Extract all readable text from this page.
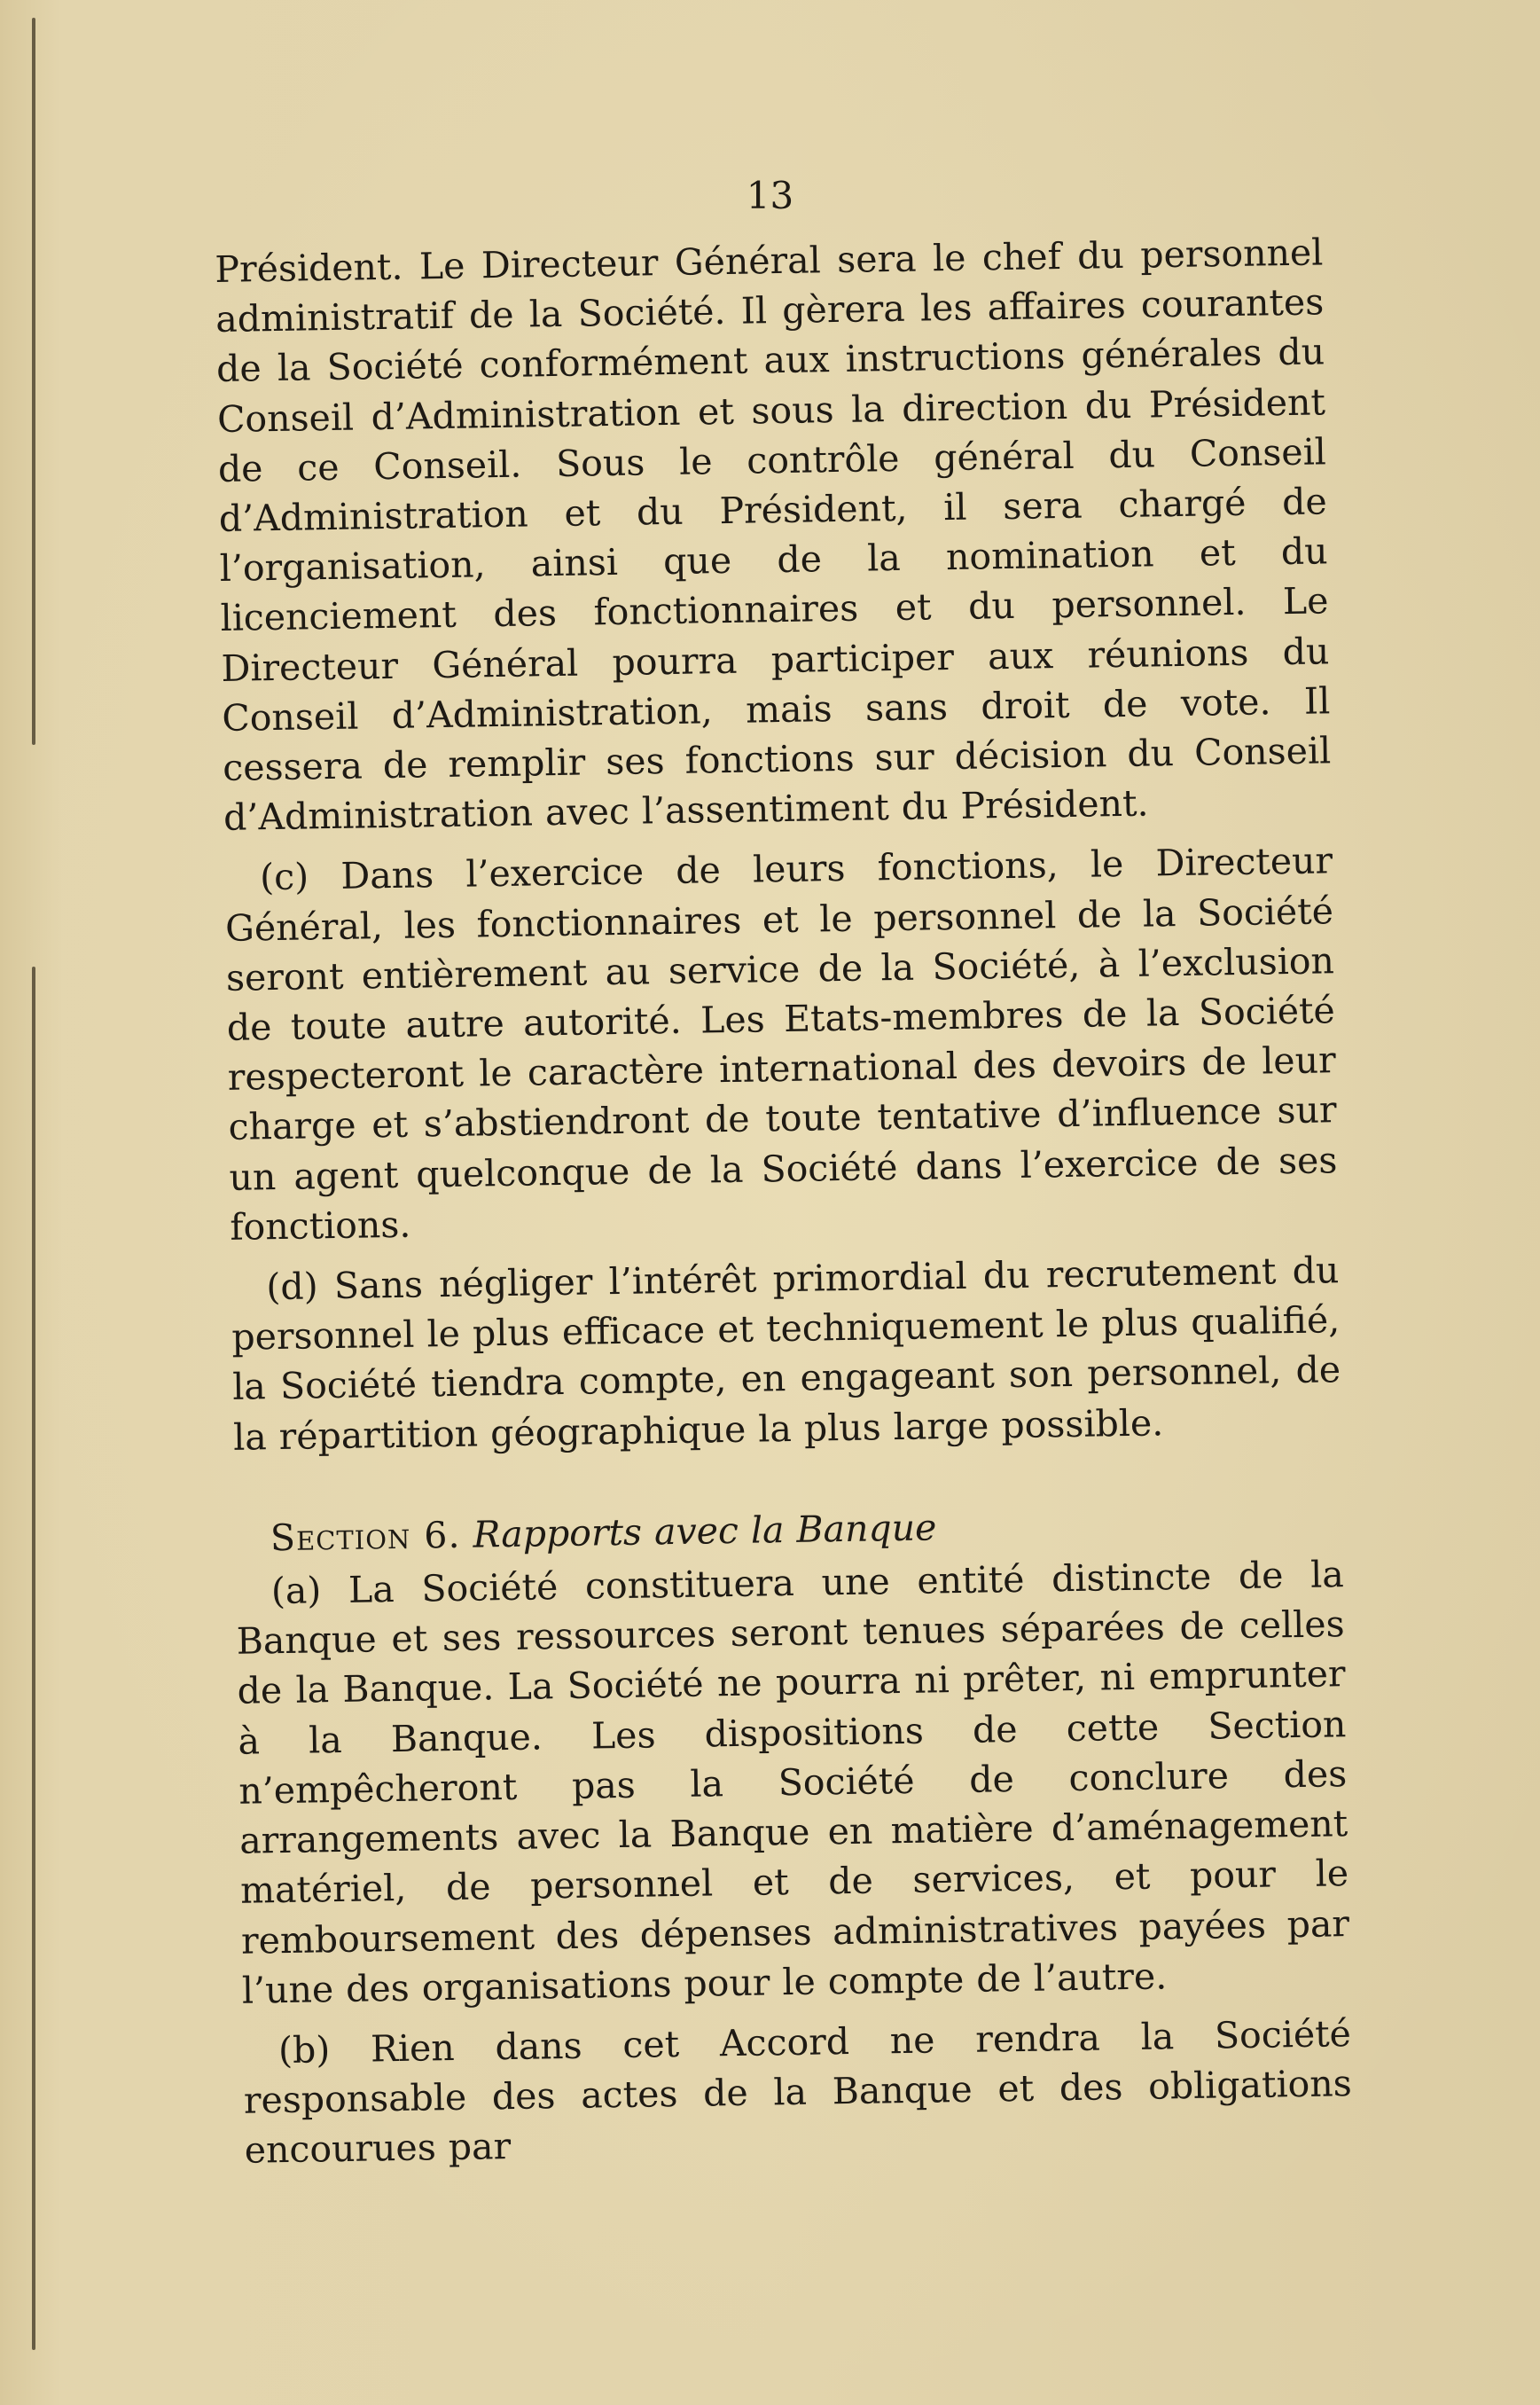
13

Président. Le Directeur Général sera le chef du personnel administratif de la Société. Il gèrera les affaires courantes de la Société conformément aux instructions générales du Conseil d’Administration et sous la direction du Président de ce Conseil. Sous le contrôle général du Conseil d’Administration et du Président, il sera chargé de l’organisation, ainsi que de la nomination et du licenciement des fonctionnaires et du personnel. Le Directeur Général pourra participer aux réunions du Conseil d’Administration, mais sans droit de vote. Il cessera de remplir ses fonctions sur décision du Conseil d’Administration avec l’assentiment du Président.

(c) Dans l’exercice de leurs fonctions, le Directeur Général, les fonctionnaires et le personnel de la Société seront entièrement au service de la Société, à l’exclusion de toute autre autorité. Les Etats-membres de la Société respecteront le caractère international des devoirs de leur charge et s’abstiendront de toute tentative d’influence sur un agent quelconque de la Société dans l’exercice de ses fonctions.

(d) Sans négliger l’intérêt primordial du recrutement du personnel le plus efficace et techniquement le plus qualifié, la Société tiendra compte, en engageant son personnel, de la répartition géographique la plus large possible.

Section 6. Rapports avec la Banque

(a) La Société constituera une entité distincte de la Banque et ses ressources seront tenues séparées de celles de la Banque. La Société ne pourra ni prêter, ni emprunter à la Banque. Les dispositions de cette Section n’empêcheront pas la Société de conclure des arrangements avec la Banque en matière d’aménagement matériel, de personnel et de services, et pour le remboursement des dépenses administratives payées par l’une des organisations pour le compte de l’autre.

(b) Rien dans cet Accord ne rendra la Société responsable des actes de la Banque et des obligations encourues par
